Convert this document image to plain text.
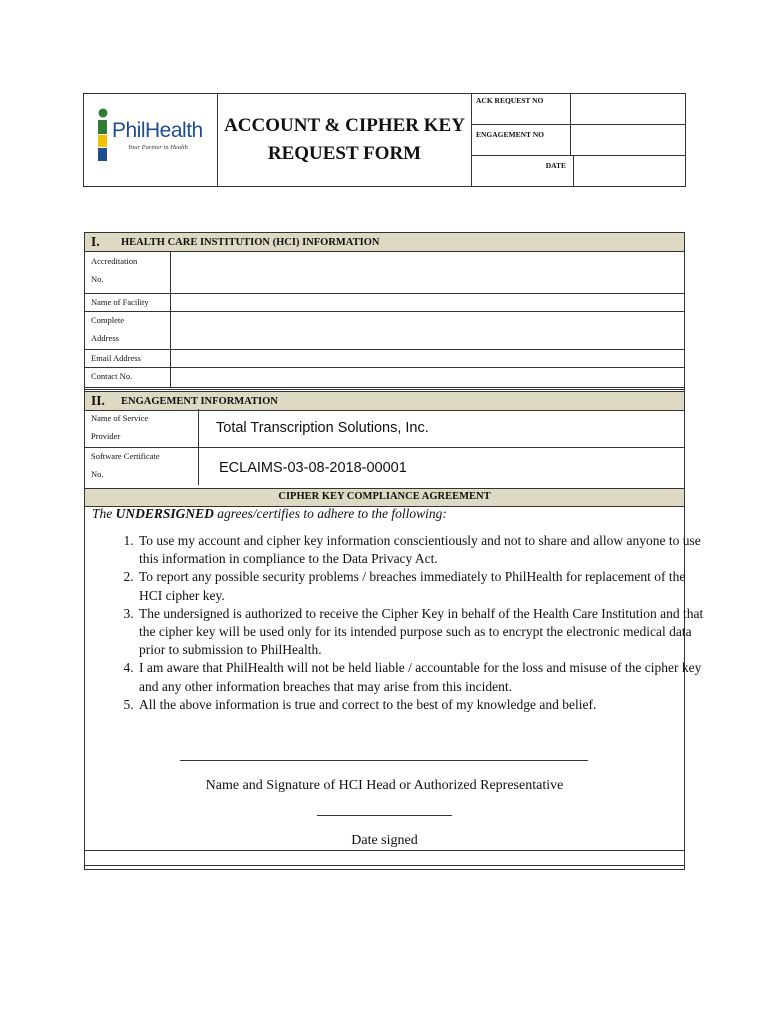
PhilHealth
Your Partner in Health
ACCOUNT & CIPHER KEY
REQUEST FORM
ACK REQUEST NO
ENGAGEMENT NO
DATE
I.	HEALTH CARE INSTITUTION (HCI) INFORMATION
Accreditation
No.
Name of Facility
Complete
Address
Email Address
Contact No.
II.	ENGAGEMENT INFORMATION
Name of Service
Provider	Total Transcription Solutions, Inc.
Software Certificate
No.	ECLAIMS-03-08-2018-00001
CIPHER KEY COMPLIANCE AGREEMENT
The UNDERSIGNED agrees/certifies to adhere to the following:
1. To use my account and cipher key information conscientiously and not to share and allow anyone to use this information in compliance to the Data Privacy Act.
2. To report any possible security problems / breaches immediately to PhilHealth for replacement of the HCI cipher key.
3. The undersigned is authorized to receive the Cipher Key in behalf of the Health Care Institution and that the cipher key will be used only for its intended purpose such as to encrypt the electronic medical data prior to submission to PhilHealth.
4. I am aware that PhilHealth will not be held liable / accountable for the loss and misuse of the cipher key and any other information breaches that may arise from this incident.
5. All the above information is true and correct to the best of my knowledge and belief.
Name and Signature of HCI Head or Authorized Representative
Date signed
